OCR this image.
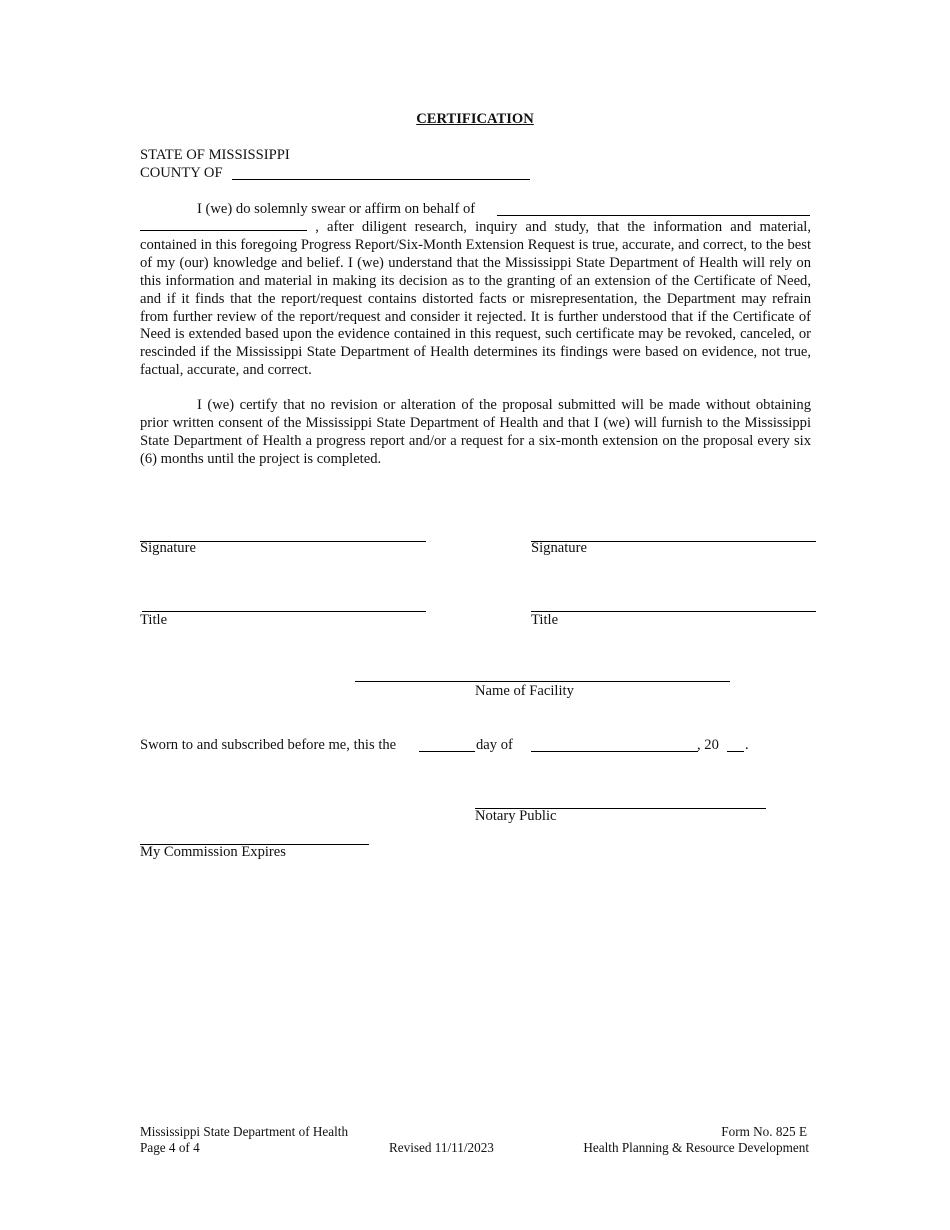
CERTIFICATION
STATE OF MISSISSIPPI
COUNTY OF
I (we) do solemnly swear or affirm on behalf of

, after diligent research, inquiry and study, that the information and material, contained in this foregoing Progress Report/Six-Month Extension Request is true, accurate, and correct, to the best of my (our) knowledge and belief. I (we) understand that the Mississippi State Department of Health will rely on this information and material in making its decision as to the granting of an extension of the Certificate of Need, and if it finds that the report/request contains distorted facts or misrepresentation, the Department may refrain from further review of the report/request and consider it rejected. It is further understood that if the Certificate of Need is extended based upon the evidence contained in this request, such certificate may be revoked, canceled, or rescinded if the Mississippi State Department of Health determines its findings were based on evidence, not true, factual, accurate, and correct.

I (we) certify that no revision or alteration of the proposal submitted will be made without obtaining prior written consent of the Mississippi State Department of Health and that I (we) will furnish to the Mississippi State Department of Health a progress report and/or a request for a six-month extension on the proposal every six (6) months until the project is completed.

Signature	Signature
Title	Title
Name of Facility
Sworn to and subscribed before me, this the	day of	, 20 .
Notary Public
My Commission Expires
Mississippi State Department of Health
Page 4 of 4	Revised 11/11/2023
Form No. 825 E
Health Planning & Resource Development
